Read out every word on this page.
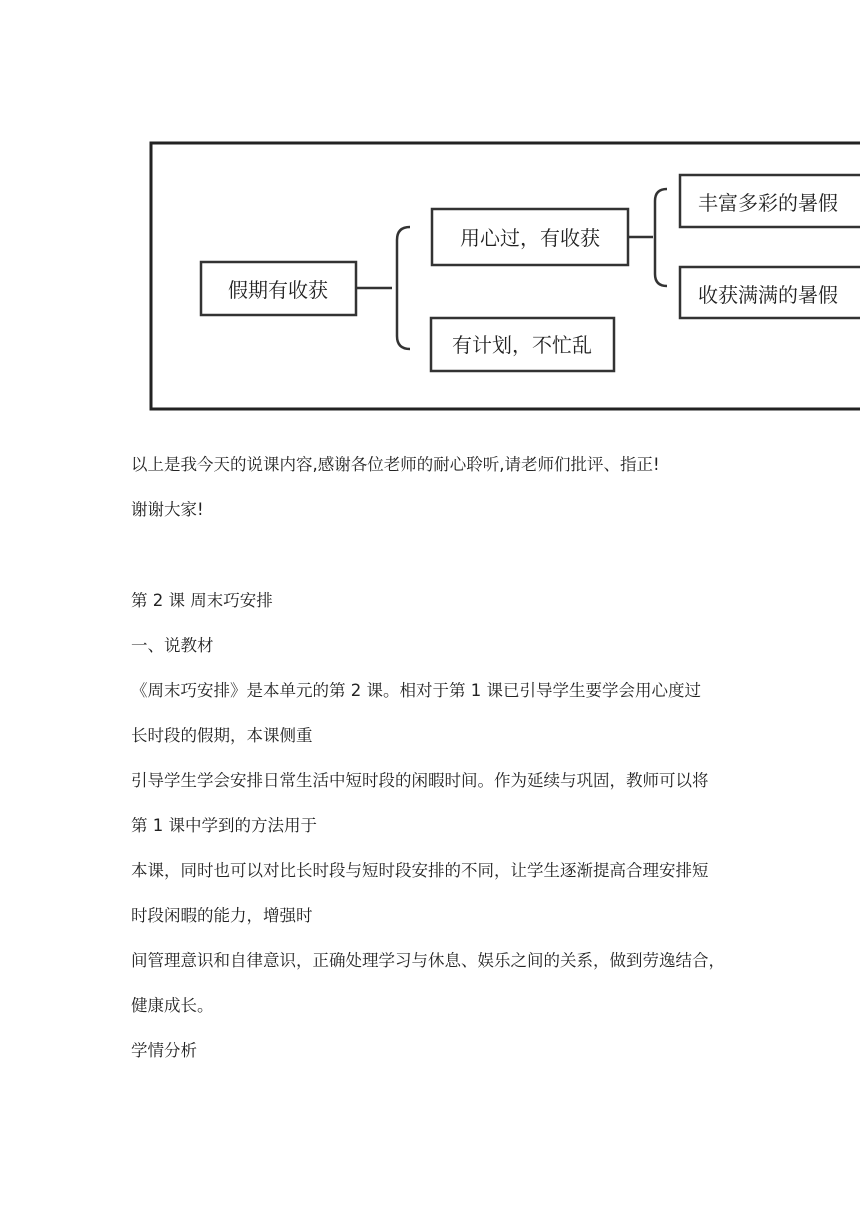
假期有收获
用心过，有收获
有计划，不忙乱
丰富多彩的暑假
收获满满的暑假

以上是我今天的说课内容,感谢各位老师的耐心聆听,请老师们批评、指正!

谢谢大家!

第 2 课 周末巧安排

一、说教材

《周末巧安排》是本单元的第 2 课。相对于第 1 课已引导学生要学会用心度过

长时段的假期，本课侧重

引导学生学会安排日常生活中短时段的闲暇时间。作为延续与巩固，教师可以将

第 1 课中学到的方法用于

本课，同时也可以对比长时段与短时段安排的不同，让学生逐渐提高合理安排短

时段闲暇的能力，增强时

间管理意识和自律意识，正确处理学习与休息、娱乐之间的关系，做到劳逸结合，

健康成长。

学情分析
